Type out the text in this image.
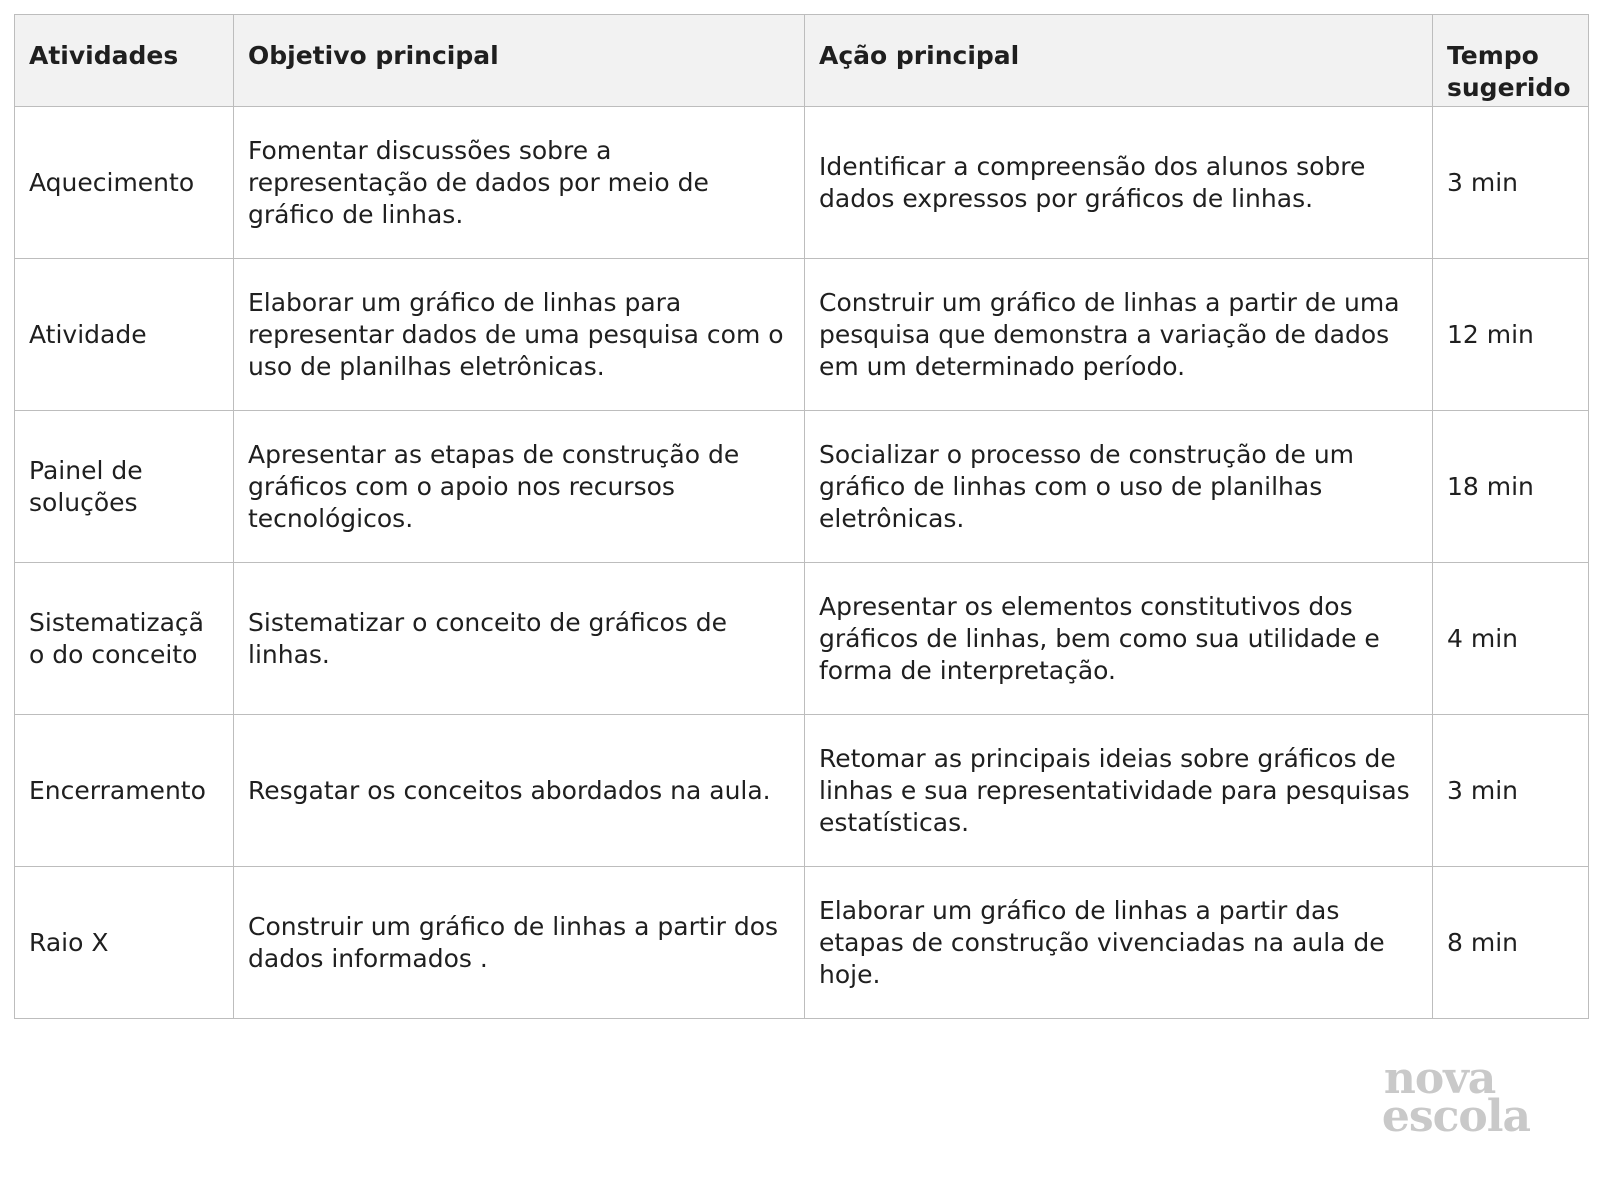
Atividades	Objetivo principal	Ação principal	Tempo sugerido
Aquecimento	Fomentar discussões sobre a representação de dados por meio de gráfico de linhas.	Identificar a compreensão dos alunos sobre dados expressos por gráficos de linhas.	3 min
Atividade	Elaborar um gráfico de linhas para representar dados de uma pesquisa com o uso de planilhas eletrônicas.	Construir um gráfico de linhas a partir de uma pesquisa que demonstra a variação de dados em um determinado período.	12 min
Painel de soluções	Apresentar as etapas de construção de gráficos com o apoio nos recursos tecnológicos.	Socializar o processo de construção de um gráfico de linhas com o uso de planilhas eletrônicas.	18 min
Sistematização do conceito	Sistematizar o conceito de gráficos de linhas.	Apresentar os elementos constitutivos dos gráficos de linhas, bem como sua utilidade e forma de interpretação.	4 min
Encerramento	Resgatar os conceitos abordados na aula.	Retomar as principais ideias sobre gráficos de linhas e sua representatividade para pesquisas estatísticas.	3 min
Raio X	Construir um gráfico de linhas a partir dos dados informados .	Elaborar um gráfico de linhas a partir das etapas de construção vivenciadas na aula de hoje.	8 min
nova
escola
